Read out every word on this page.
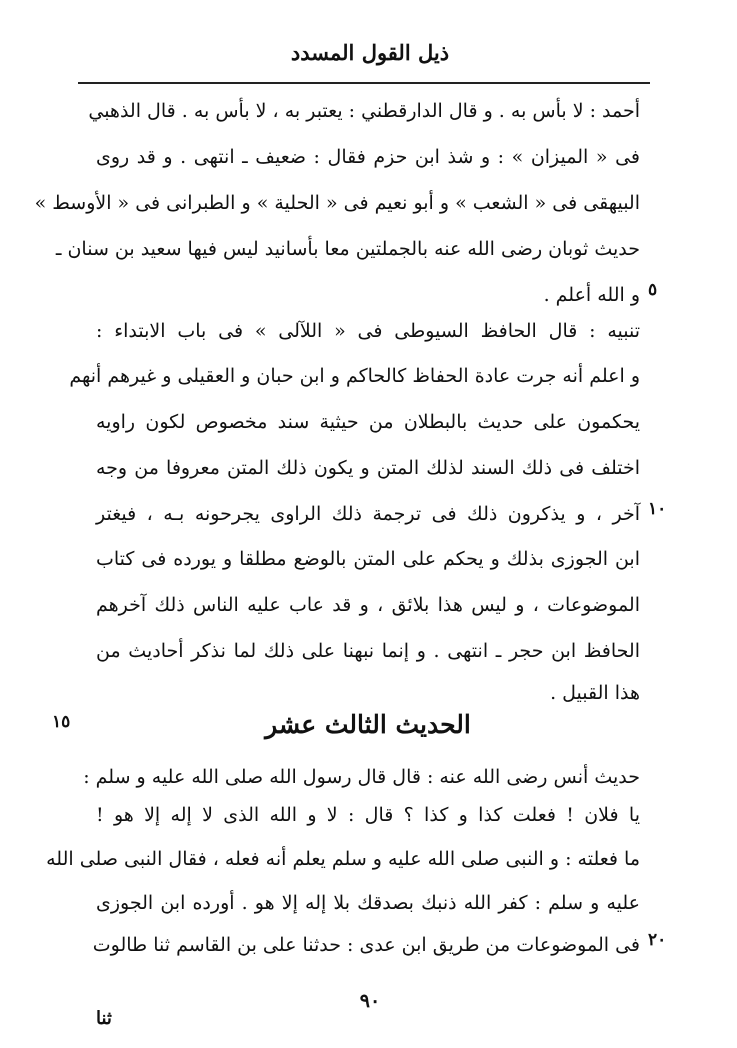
ذيل القول المسدد
أحمد : لا بأس به . و قال الدارقطني : يعتبر به ، لا بأس به . قال الذهبي
فى « الميزان » : و شذ ابن حزم فقال : ضعيف ـ انتهى . و قد روى
البيهقى فى « الشعب » و أبو نعيم فى « الحلية » و الطبرانى فى « الأوسط »
حديث ثوبان رضى الله عنه بالجملتين معا بأسانيد ليس فيها سعيد بن سنان ـ
و الله أعلم . ٥
تنبيه : قال الحافظ السيوطى فى « اللآلى » فى باب الابتداء :
و اعلم أنه جرت عادة الحفاظ كالحاكم و ابن حبان و العقيلى و غيرهم أنهم
يحكمون على حديث بالبطلان من حيثية سند مخصوص لكون راويه
اختلف فى ذلك السند لذلك المتن و يكون ذلك المتن معروفا من وجه
آخر ، و يذكرون ذلك فى ترجمة ذلك الراوى يجرحونه بـه ، فيغتر ١٠
ابن الجوزى بذلك و يحكم على المتن بالوضع مطلقا و يورده فى كتاب
الموضوعات ، و ليس هذا بلائق ، و قد عاب عليه الناس ذلك آخرهم
الحافظ ابن حجر ـ انتهى . و إنما نبهنا على ذلك لما نذكر أحاديث من
هذا القبيل .
الحديث الثالث عشر
١٥
حديث أنس رضى الله عنه : قال قال رسول الله صلى الله عليه و سلم :
يا فلان ! فعلت كذا و كذا ؟ قال : لا و الله الذى لا إله إلا هو !
ما فعلته : و النبى صلى الله عليه و سلم يعلم أنه فعله ، فقال النبى صلى الله
عليه و سلم : كفر الله ذنبك بصدقك بلا إله إلا هو . أورده ابن الجوزى
فى الموضوعات من طريق ابن عدى : حدثنا على بن القاسم ثنا طالوت ٢٠
٩٠
ثنا
